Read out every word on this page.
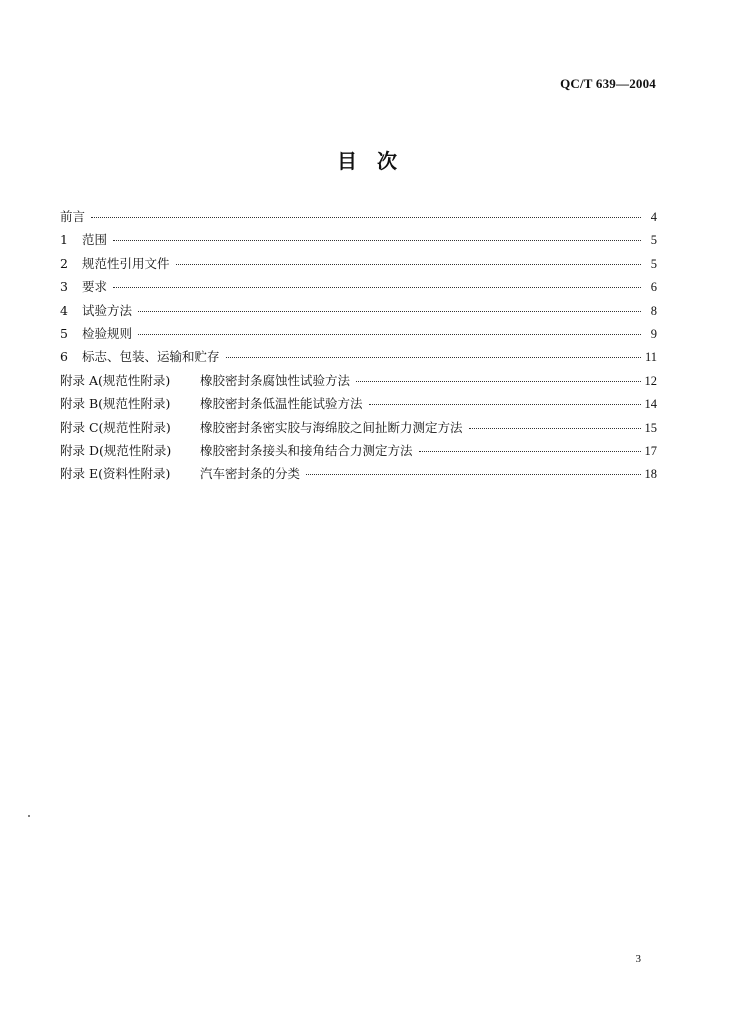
QC/T 639—2004
目　次
前言	4
1	范围	5
2	规范性引用文件	5
3	要求	6
4	试验方法	8
5	检验规则	9
6	标志、包装、运输和贮存	11
附录 A(规范性附录)	橡胶密封条腐蚀性试验方法	12
附录 B(规范性附录)	橡胶密封条低温性能试验方法	14
附录 C(规范性附录)	橡胶密封条密实胶与海绵胶之间扯断力测定方法	15
附录 D(规范性附录)	橡胶密封条接头和接角结合力测定方法	17
附录 E(资料性附录)	汽车密封条的分类	18
3
